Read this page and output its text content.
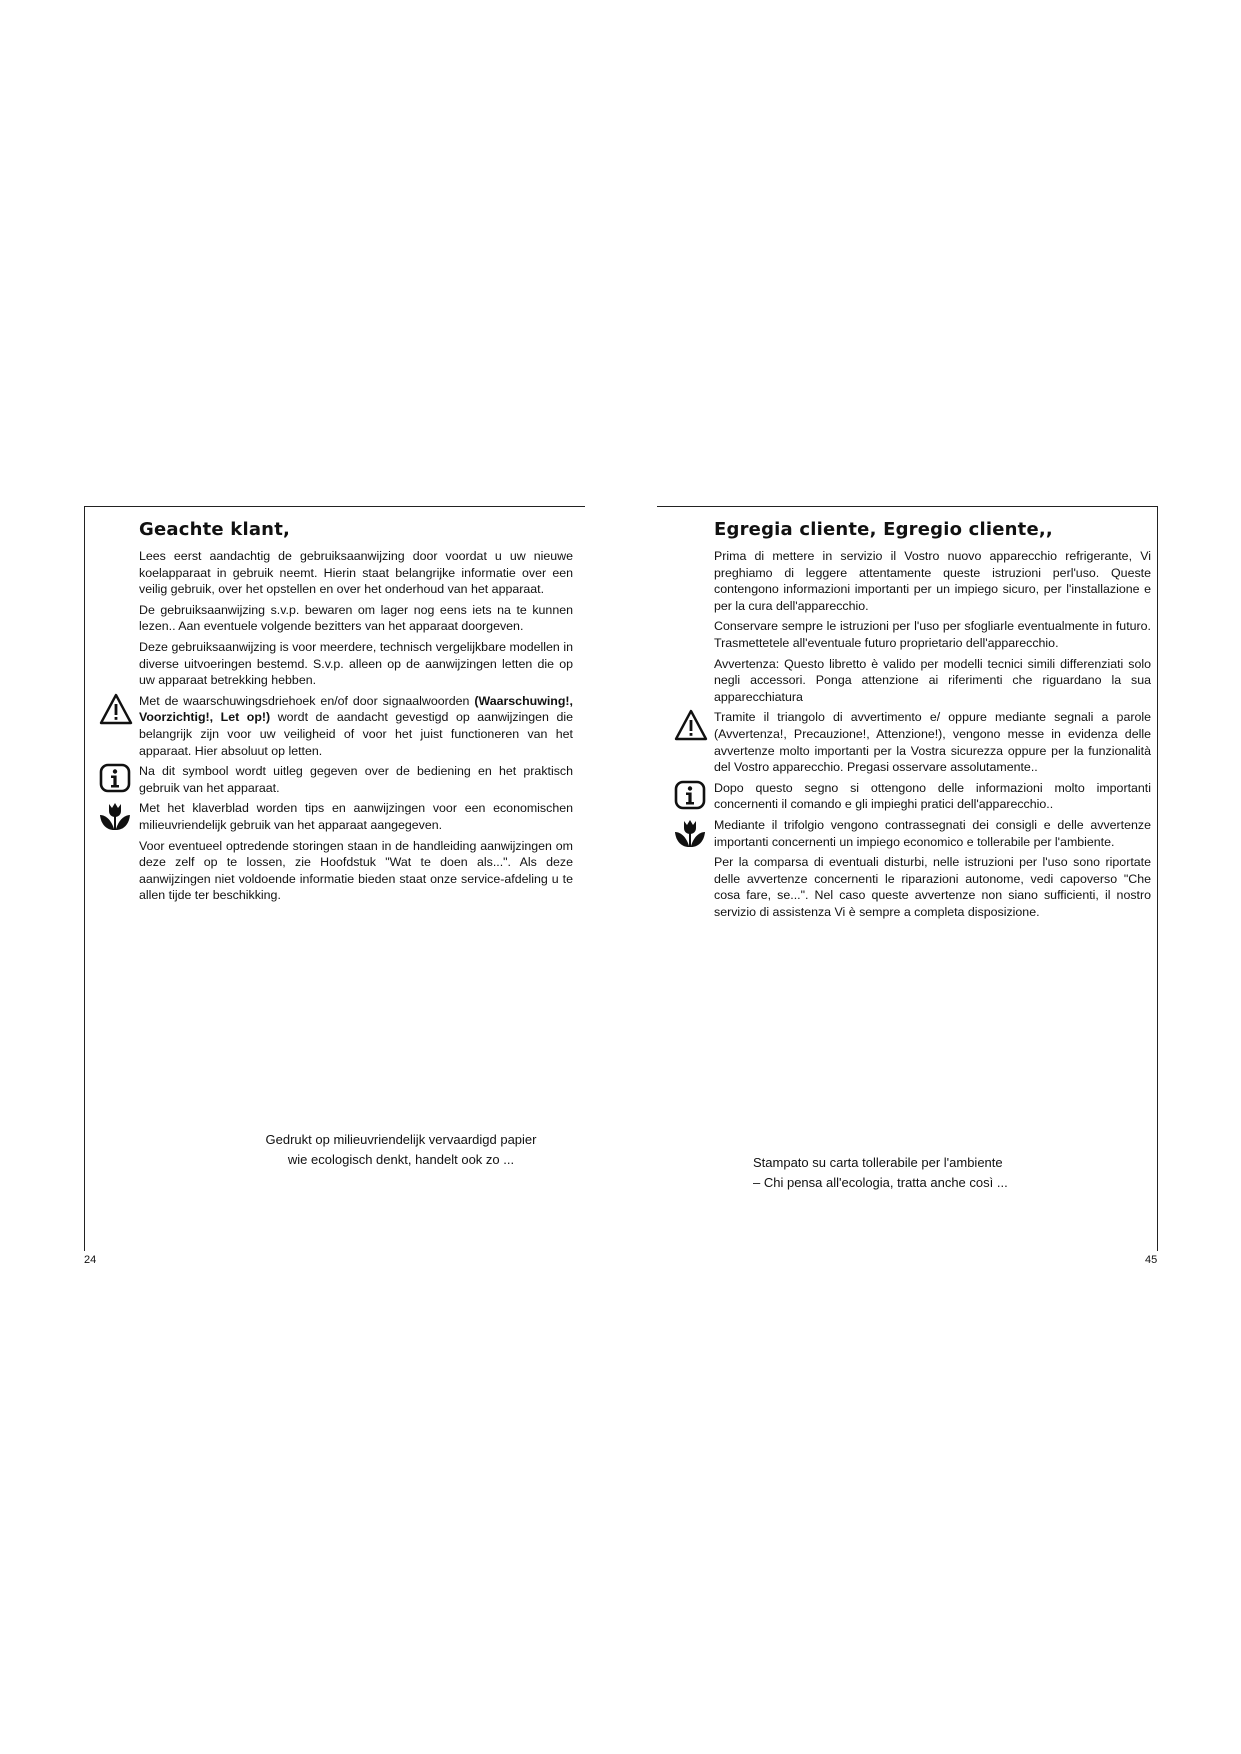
Geachte klant,

Lees eerst aandachtig de gebruiksaanwijzing door voordat u uw nieuwe koelapparaat in gebruik neemt. Hierin staat belangrijke informatie over een veilig gebruik, over het opstellen en over het onderhoud van het apparaat.

De gebruiksaanwijzing s.v.p. bewaren om lager nog eens iets na te kunnen lezen.. Aan eventuele volgende bezitters van het apparaat doorgeven.

Deze gebruiksaanwijzing is voor meerdere, technisch vergelijkbare modellen in diverse uitvoeringen bestemd. S.v.p. alleen op de aanwijzingen letten die op uw apparaat betrekking hebben.

Met de waarschuwingsdriehoek en/of door signaalwoorden (Waarschuwing!, Voorzichtig!, Let op!) wordt de aandacht gevestigd op aanwijzingen die belangrijk zijn voor uw veiligheid of voor het juist functioneren van het apparaat. Hier absoluut op letten.

Na dit symbool wordt uitleg gegeven over de bediening en het praktisch gebruik van het apparaat.

Met het klaverblad worden tips en aanwijzingen voor een economischen milieuvriendelijk gebruik van het apparaat aangegeven.

Voor eventueel optredende storingen staan in de handleiding aanwijzingen om deze zelf op te lossen, zie Hoofdstuk "Wat te doen als...". Als deze aanwijzingen niet voldoende informatie bieden staat onze service-afdeling u te allen tijde ter beschikking.

Gedrukt op milieuvriendelijk vervaardigd papier
wie ecologisch denkt, handelt ook zo ...
Egregia cliente, Egregio cliente,,

Prima di mettere in servizio il Vostro nuovo apparecchio refrigerante, Vi preghiamo di leggere attentamente queste istruzioni perl'uso. Queste contengono informazioni importanti per un impiego sicuro, per l'installazione e per la cura dell'apparecchio.

Conservare sempre le istruzioni per l'uso per sfogliarle eventualmente in futuro. Trasmettetele all'eventuale futuro proprietario dell'apparecchio.

Avvertenza: Questo libretto è valido per modelli tecnici simili differenziati solo negli accessori. Ponga attenzione ai riferimenti che riguardano la sua apparecchiatura

Tramite il triangolo di avvertimento e/ oppure mediante segnali a parole (Avvertenza!, Precauzione!, Attenzione!), vengono messe in evidenza delle avvertenze molto importanti per la Vostra sicurezza oppure per la funzionalità del Vostro apparecchio. Pregasi osservare assolutamente..

Dopo questo segno si ottengono delle informazioni molto importanti concernenti il comando e gli impieghi pratici dell'apparecchio..

Mediante il trifolgio vengono contrassegnati dei consigli e delle avvertenze importanti concernenti un impiego economico e tollerabile per l'ambiente.

Per la comparsa di eventuali disturbi, nelle istruzioni per l'uso sono riportate delle avvertenze concernenti le riparazioni autonome, vedi capoverso "Che cosa fare, se...". Nel caso queste avvertenze non siano sufficienti, il nostro servizio di assistenza Vi è sempre a completa disposizione.

Stampato su carta tollerabile per l'ambiente
– Chi pensa all'ecologia, tratta anche così ...
24	45
